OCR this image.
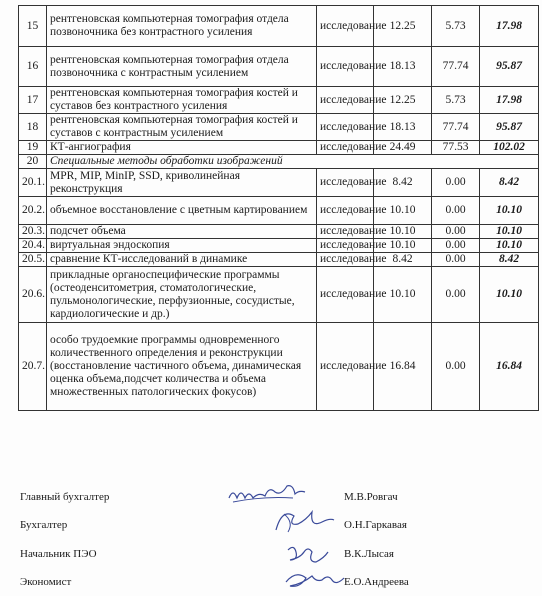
15	рентгеновская компьютерная томография отдела позвоночника без контрастного усиления	исследование	12.25	5.73	17.98
16	рентгеновская компьютерная томография отдела позвоночника с контрастным усилением	исследование	18.13	77.74	95.87
17	рентгеновская компьютерная томография костей и суставов без контрастного усиления	исследование	12.25	5.73	17.98
18	рентгеновская компьютерная томография костей и суставов с контрастным усилением	исследование	18.13	77.74	95.87
19	КТ-ангиография	исследование	24.49	77.53	102.02
20	Специальные методы обработки изображений				
20.1.	MPR, MIP, MinIP, SSD, криволинейная реконструкция	исследование	8.42	0.00	8.42
20.2.	объемное восстановление с цветным картированием	исследование	10.10	0.00	10.10
20.3.	подсчет объема	исследование	10.10	0.00	10.10
20.4.	виртуальная эндоскопия	исследование	10.10	0.00	10.10
20.5.	сравнение КТ-исследований в динамике	исследование	8.42	0.00	8.42
20.6.	прикладные органоспецифические программы (остеоденситометрия, стоматологические, пульмонологические, перфузионные, сосудистые, кардиологические и др.)	исследование	10.10	0.00	10.10
20.7.	особо трудоемкие программы одновременного количественного определения и реконструкции (восстановление частичного объема, динамическая оценка объема,подсчет количества и объема множественных патологических фокусов)	исследование	16.84	0.00	16.84
Главный бухгалтер	М.В.Ровгач
Бухгалтер	О.Н.Гаркавая
Начальник ПЭО	В.К.Лысая
Экономист	Е.О.Андреева
